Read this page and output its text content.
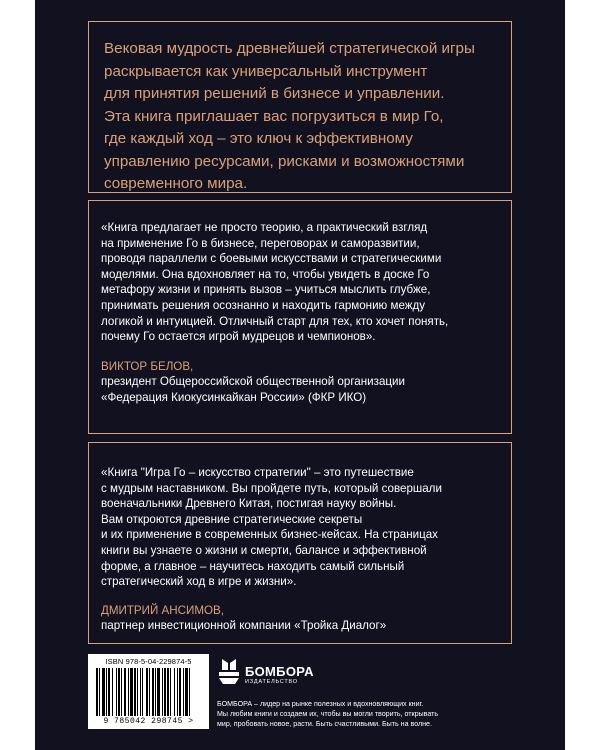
Вековая мудрость древнейшей стратегической игры
раскрывается как универсальный инструмент
для принятия решений в бизнесе и управлении.
Эта книга приглашает вас погрузиться в мир Го,
где каждый ход – это ключ к эффективному
управлению ресурсами, рисками и возможностями
современного мира.

«Книга предлагает не просто теорию, а практический взгляд
на применение Го в бизнесе, переговорах и саморазвитии,
проводя параллели с боевыми искусствами и стратегическими
моделями. Она вдохновляет на то, чтобы увидеть в доске Го
метафору жизни и принять вызов – учиться мыслить глубже,
принимать решения осознанно и находить гармонию между
логикой и интуицией. Отличный старт для тех, кто хочет понять,
почему Го остается игрой мудрецов и чемпионов».

ВИКТОР БЕЛОВ,

президент Общероссийской общественной организации
«Федерация Киокусинкайкан России» (ФКР ИКО)

«Книга "Игра Го – искусство стратегии" – это путешествие
с мудрым наставником. Вы пройдете путь, который совершали
военачальники Древнего Китая, постигая науку войны.
Вам откроются древние стратегические секреты
и их применение в современных бизнес-кейсах. На страницах
книги вы узнаете о жизни и смерти, балансе и эффективной
форме, а главное – научитесь находить самый сильный
стратегический ход в игре и жизни».

ДМИТРИЙ АНСИМОВ,

партнер инвестиционной компании «Тройка Диалог»

ISBN 978-5-04-229874-5
9 785042 298745 >
БОМБОРА
ИЗДАТЕЛЬСТВО
БОМБОРА – лидер на рынке полезных и вдохновляющих книг.
Мы любим книги и создаем их, чтобы вы могли творить, открывать
мир, пробовать новое, расти. Быть счастливыми. Быть на волне.
